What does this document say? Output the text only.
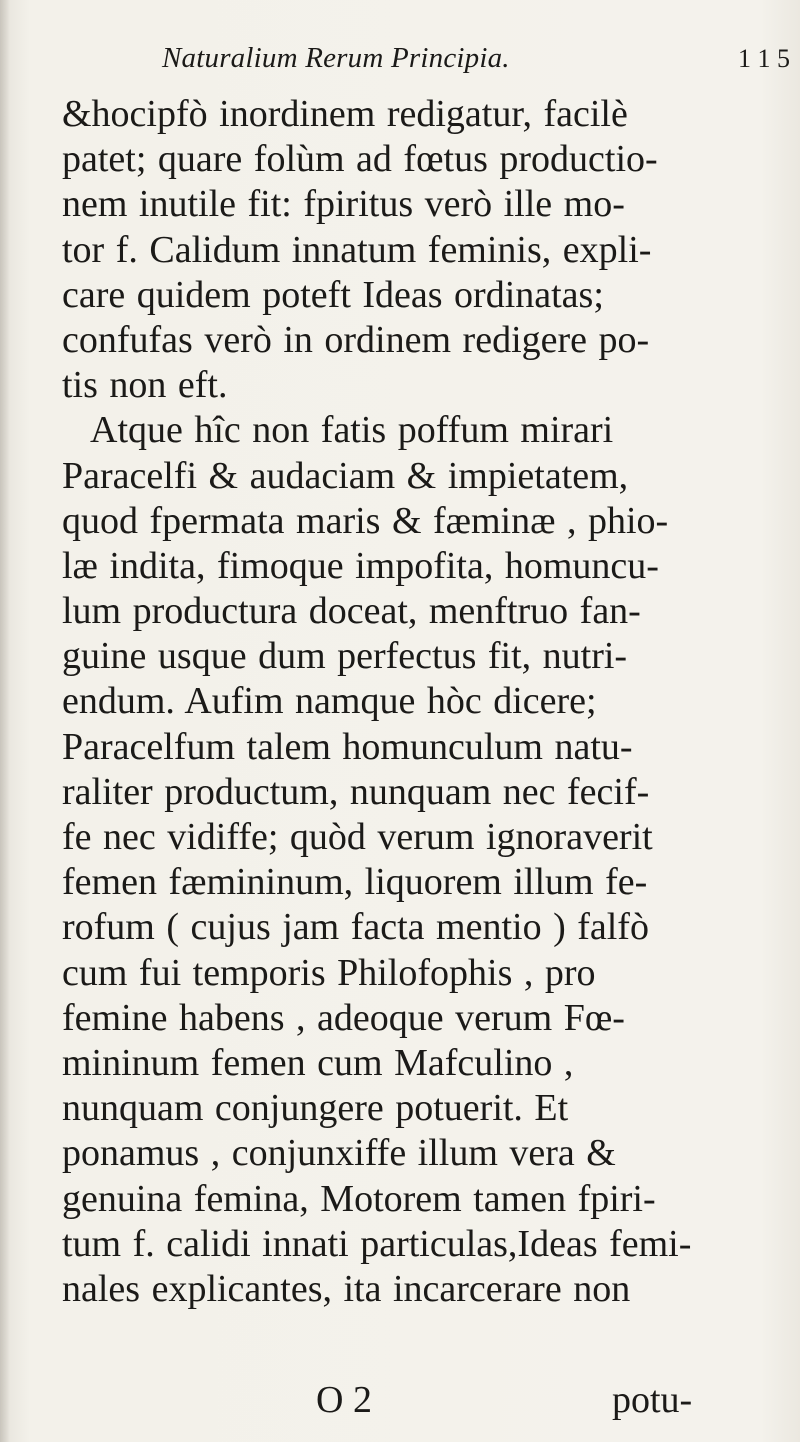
Naturalium Rerum Principia.	1 1 5
&hocipfò inordinem redigatur, facilè
patet; quare folùm ad fœtus productio-
nem inutile fit: fpiritus verò ille mo-
tor f. Calidum innatum feminis, expli-
care quidem poteft Ideas ordinatas;
confufas verò in ordinem redigere po-
tis non eft.
Atque hîc non fatis poffum mirari
Paracelfi & audaciam & impietatem,
quod fpermata maris & fæminæ , phio-
læ indita, fimoque impofita, homuncu-
lum productura doceat, menftruo fan-
guine usque dum perfectus fit, nutri-
endum. Aufim namque hòc dicere;
Paracelfum talem homunculum natu-
raliter productum, nunquam nec fecif-
fe nec vidiffe; quòd verum ignoraverit
femen fæmininum, liquorem illum fe-
rofum ( cujus jam facta mentio ) falfò
cum fui temporis Philofophis , pro
femine habens , adeoque verum Fœ-
mininum femen cum Mafculino ,
nunquam conjungere potuerit. Et
ponamus , conjunxiffe illum vera &
genuina femina, Motorem tamen fpiri-
tum f. calidi innati particulas,Ideas femi-
nales explicantes, ita incarcerare non
O 2	potu-
